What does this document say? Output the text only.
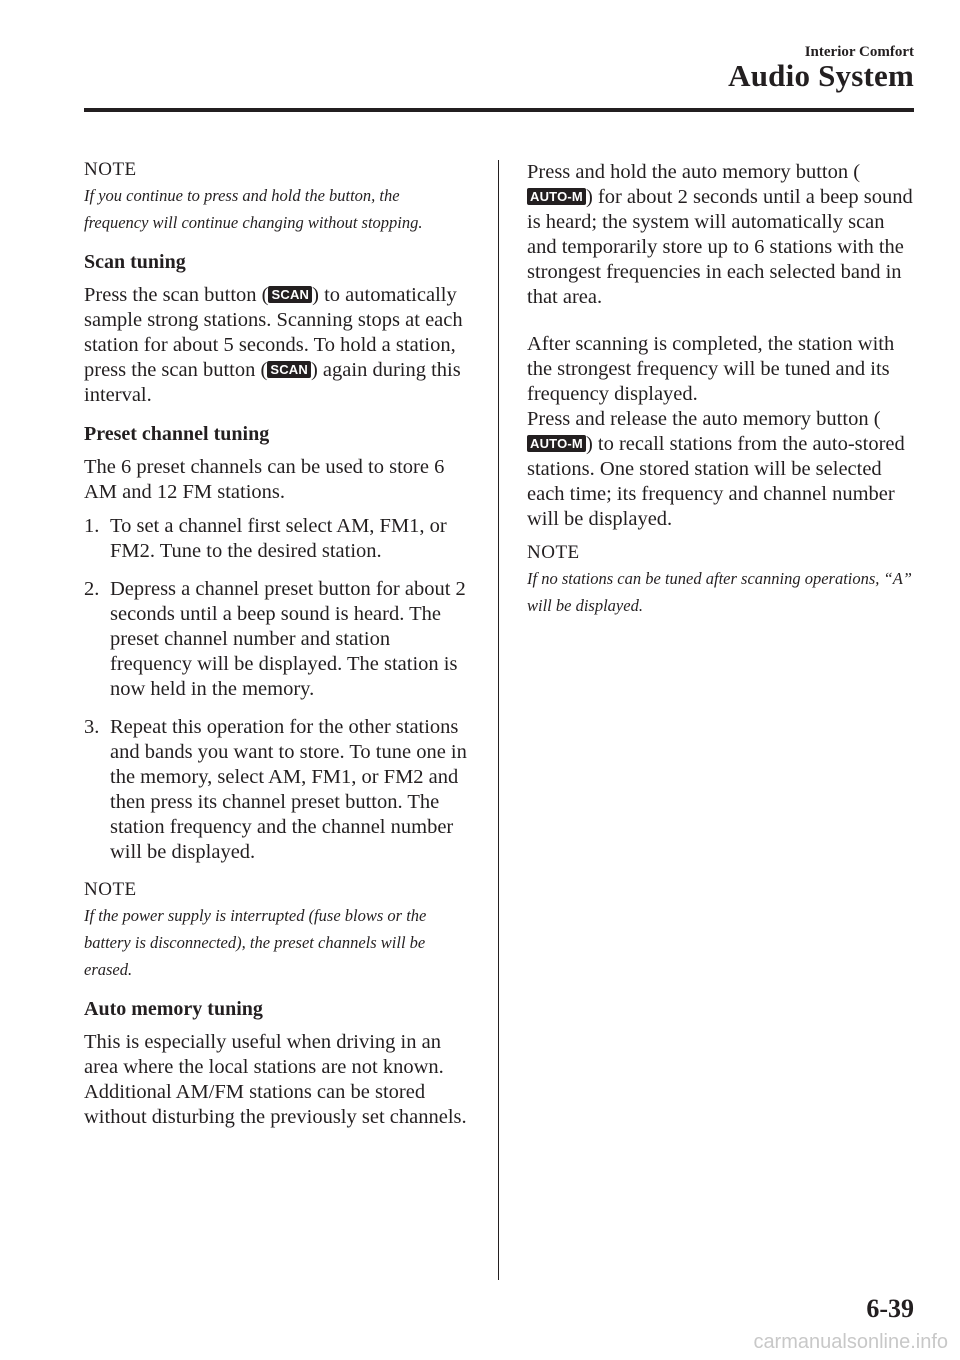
Interior Comfort
Audio System
NOTE

If you continue to press and hold the button, the frequency will continue changing without stopping.

Scan tuning

Press the scan button ( SCAN ) to automatically sample strong stations. Scanning stops at each station for about 5 seconds. To hold a station, press the scan button ( SCAN ) again during this interval.

Preset channel tuning

The 6 preset channels can be used to store 6 AM and 12 FM stations.

1. To set a channel first select AM, FM1, or FM2. Tune to the desired station.
2. Depress a channel preset button for about 2 seconds until a beep sound is heard. The preset channel number and station frequency will be displayed. The station is now held in the memory.
3. Repeat this operation for the other stations and bands you want to store. To tune one in the memory, select AM, FM1, or FM2 and then press its channel preset button. The station frequency and the channel number will be displayed.
NOTE

If the power supply is interrupted (fuse blows or the battery is disconnected), the preset channels will be erased.

Auto memory tuning

This is especially useful when driving in an area where the local stations are not known. Additional AM/FM stations can be stored without disturbing the previously set channels.

Press and hold the auto memory button (AUTO-M ) for about 2 seconds until a beep sound is heard; the system will automatically scan and temporarily store up to 6 stations with the strongest frequencies in each selected band in that area.

After scanning is completed, the station with the strongest frequency will be tuned and its frequency displayed.
Press and release the auto memory button (AUTO-M ) to recall stations from the auto-stored stations. One stored station will be selected each time; its frequency and channel number will be displayed.

NOTE

If no stations can be tuned after scanning operations, “A” will be displayed.

6-39
carmanualsonline.info
